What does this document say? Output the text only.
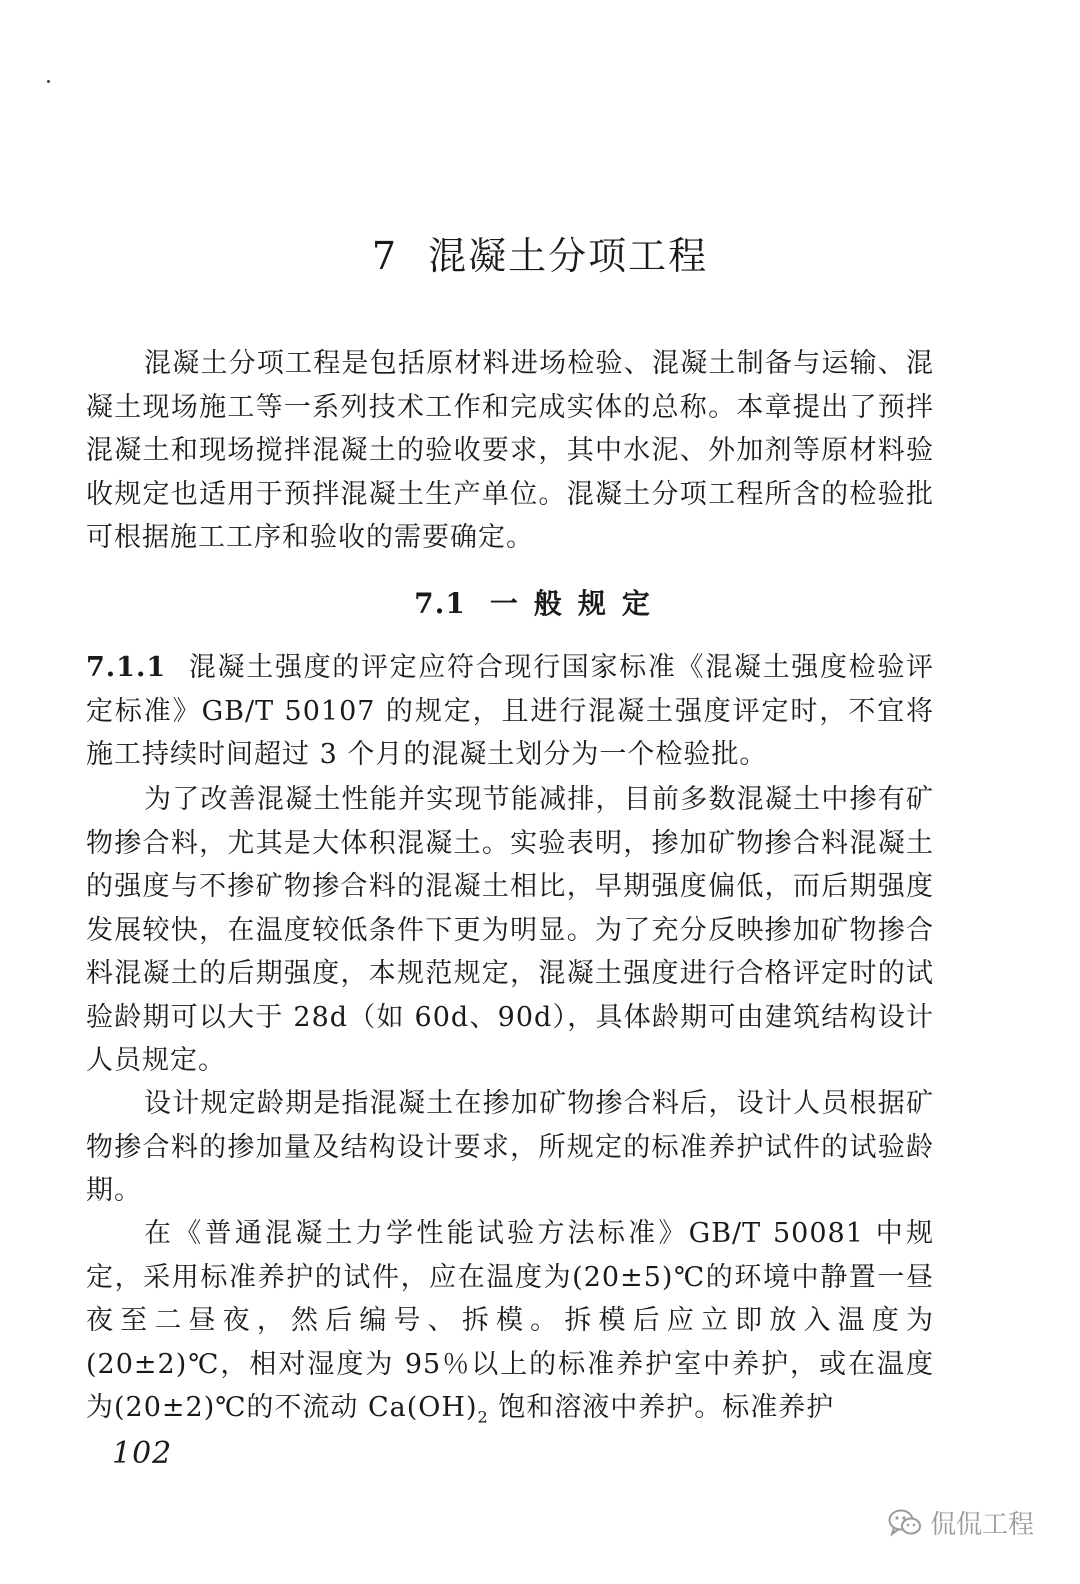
7 混凝土分项工程
混凝土分项工程是包括原材料进场检验、混凝土制备与运输、混凝土现场施工等一系列技术工作和完成实体的总称。本章提出了预拌混凝土和现场搅拌混凝土的验收要求，其中水泥、外加剂等原材料验收规定也适用于预拌混凝土生产单位。混凝土分项工程所含的检验批可根据施工工序和验收的需要确定。
7.1 一般规定
7.1.1 混凝土强度的评定应符合现行国家标准《混凝土强度检验评定标准》GB/T 50107 的规定，且进行混凝土强度评定时，不宜将施工持续时间超过 3 个月的混凝土划分为一个检验批。
为了改善混凝土性能并实现节能减排，目前多数混凝土中掺有矿物掺合料，尤其是大体积混凝土。实验表明，掺加矿物掺合料混凝土的强度与不掺矿物掺合料的混凝土相比，早期强度偏低，而后期强度发展较快，在温度较低条件下更为明显。为了充分反映掺加矿物掺合料混凝土的后期强度，本规范规定，混凝土强度进行合格评定时的试验龄期可以大于 28d（如 60d、90d），具体龄期可由建筑结构设计人员规定。
设计规定龄期是指混凝土在掺加矿物掺合料后，设计人员根据矿物掺合料的掺加量及结构设计要求，所规定的标准养护试件的试验龄期。
在《普通混凝土力学性能试验方法标准》GB/T 50081 中规定，采用标准养护的试件，应在温度为(20±5)℃的环境中静置一昼夜至二昼夜，然后编号、拆模。拆模后应立即放入温度为(20±2)℃，相对湿度为 95％以上的标准养护室中养护，或在温度为(20±2)℃的不流动 $Ca(OH)_2$ 饱和溶液中养护。标准养护
102
侃侃工程
